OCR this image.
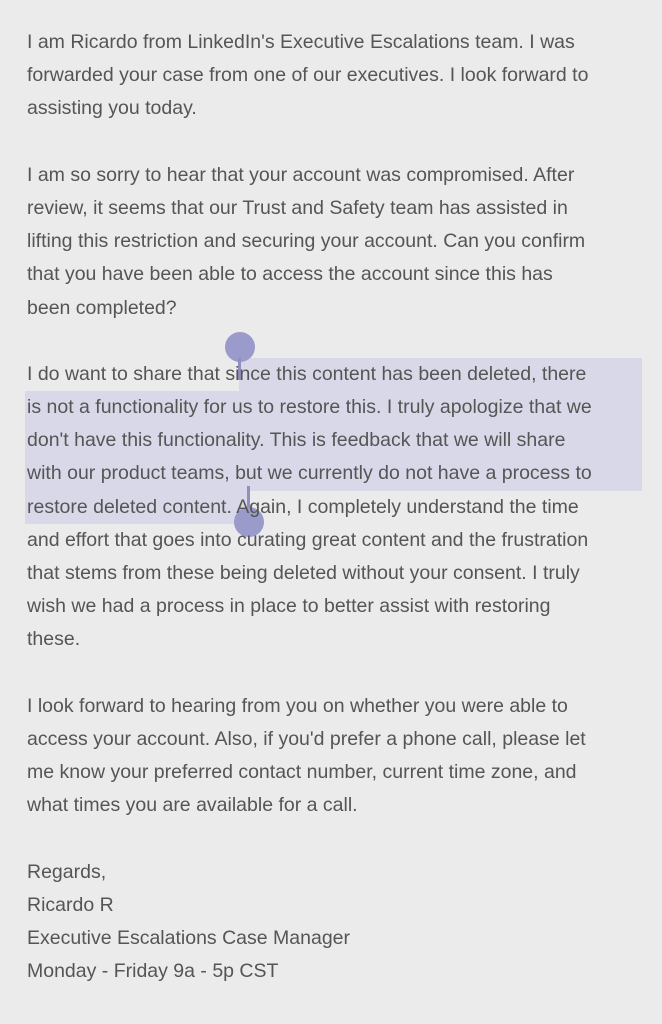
I am Ricardo from LinkedIn's Executive Escalations team. I was
forwarded your case from one of our executives. I look forward to
assisting you today.
I am so sorry to hear that your account was compromised. After
review, it seems that our Trust and Safety team has assisted in
lifting this restriction and securing your account. Can you confirm
that you have been able to access the account since this has
been completed?
I do want to share that since this content has been deleted, there
is not a functionality for us to restore this. I truly apologize that we
don't have this functionality. This is feedback that we will share
with our product teams, but we currently do not have a process to
restore deleted content. Again, I completely understand the time
and effort that goes into curating great content and the frustration
that stems from these being deleted without your consent. I truly
wish we had a process in place to better assist with restoring
these.
I look forward to hearing from you on whether you were able to
access your account. Also, if you'd prefer a phone call, please let
me know your preferred contact number, current time zone, and
what times you are available for a call.
Regards,
Ricardo R
Executive Escalations Case Manager
Monday - Friday 9a - 5p CST
